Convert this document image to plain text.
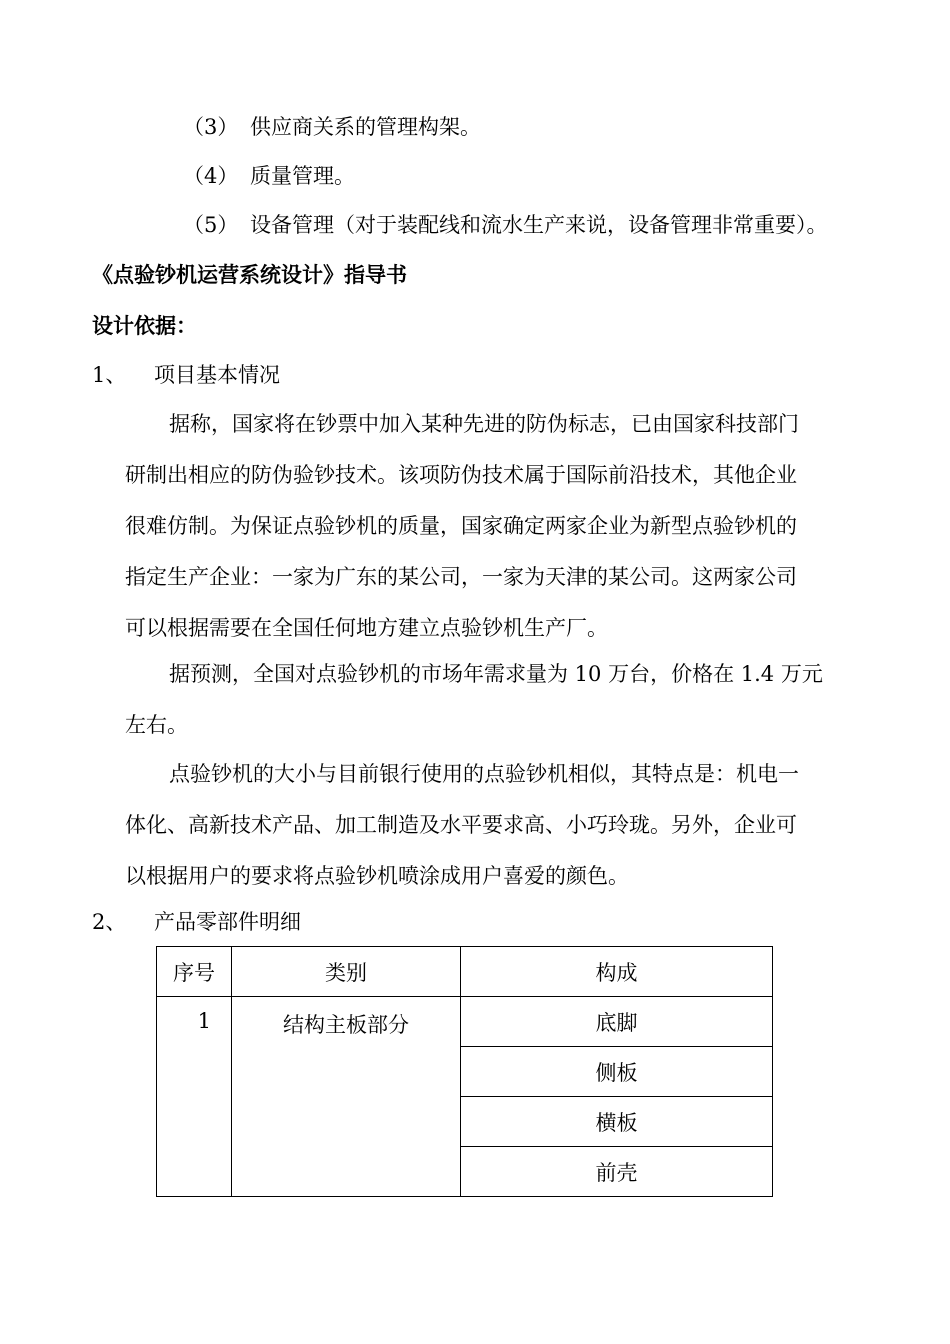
（3） 供应商关系的管理构架。
（4） 质量管理。
（5） 设备管理（对于装配线和流水生产来说，设备管理非常重要）。
《点验钞机运营系统设计》指导书
设计依据：
1、 项目基本情况
据称，国家将在钞票中加入某种先进的防伪标志，已由国家科技部门
研制出相应的防伪验钞技术。该项防伪技术属于国际前沿技术，其他企业
很难仿制。为保证点验钞机的质量，国家确定两家企业为新型点验钞机的
指定生产企业：一家为广东的某公司，一家为天津的某公司。这两家公司
可以根据需要在全国任何地方建立点验钞机生产厂。
据预测，全国对点验钞机的市场年需求量为 10 万台，价格在 1.4 万元
左右。
点验钞机的大小与目前银行使用的点验钞机相似，其特点是：机电一
体化、高新技术产品、加工制造及水平要求高、小巧玲珑。另外，企业可
以根据用户的要求将点验钞机喷涂成用户喜爱的颜色。
2、 产品零部件明细
序号	类别	构成
1	结构主板部分	底脚
		侧板
		横板
		前壳
